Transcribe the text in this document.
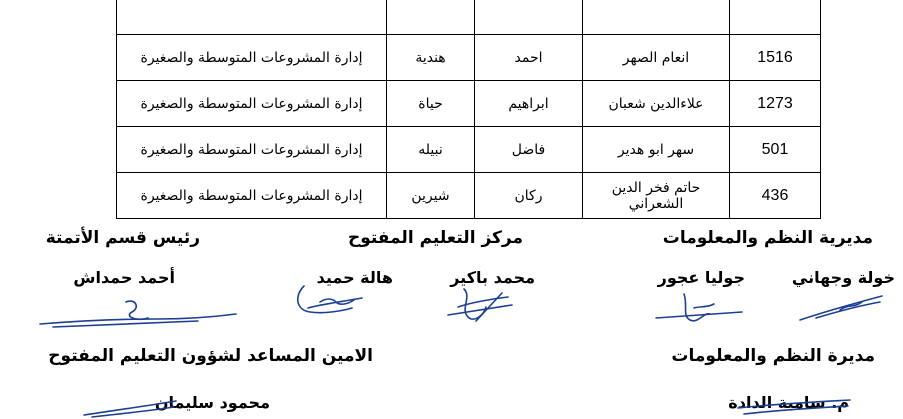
1516	انعام الصهر	احمد	هندية	إدارة المشروعات المتوسطة والصغيرة
1273	علاءالدين شعبان	ابراهيم	حياة	إدارة المشروعات المتوسطة والصغيرة
501	سهر ابو هدير	فاضل	نبيله	إدارة المشروعات المتوسطة والصغيرة
436	حاتم فخر الدين الشعراني	ركان	شيرين	إدارة المشروعات المتوسطة والصغيرة
مديرية النظم والمعلومات
مركز التعليم المفتوح
رئيس قسم الأتمتة
مديرة النظم والمعلومات
الامين المساعد لشؤون التعليم المفتوح
خولة وجهاني
جوليا عجور
محمد باكير
هالة حميد
أحمد حمداش
م. سامية الدادة
محمود سليمان
